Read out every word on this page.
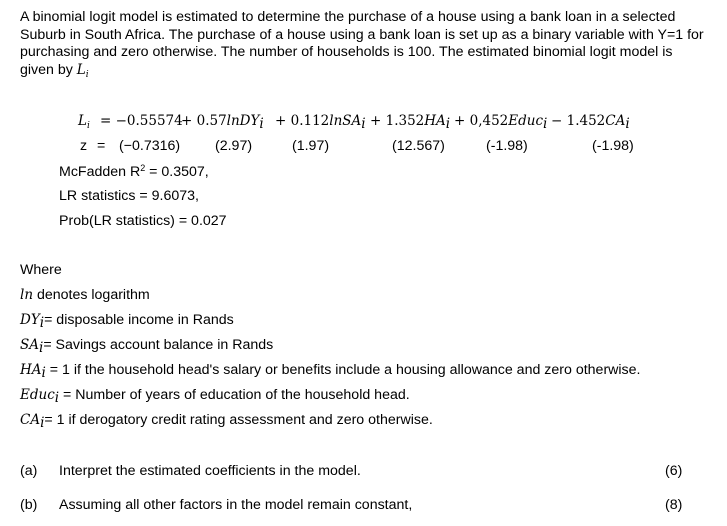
A binomial logit model is estimated to determine the purchase of a house using a bank loan in a selected Suburb in South Africa. The purchase of a house using a bank loan is set up as a binary variable with Y=1 for purchasing and zero otherwise. The number of households is 100. The estimated binomial logit model is given by $L_i$
$L_i = -0.55574$
+ 0.57lnDY$_i$ + 0.112lnSA$_i$ + $1.352HA_i$ + 0,452Educ$_i$ − $1.452CA_i$
z = (−0.7316) (2.97)	(1.97)	(12.567)	(-1.98)	(-1.98)
McFadden $R^2 = 0.3507$,
LR statistics = 9.6073,
Prob(LR statistics) = 0.027
Where
ln denotes logarithm
$DY_i=$ disposable income in Rands
$SA_i=$ Savings account balance in Rands
$HA_i = 1$ if the household head's salary or benefits include a housing allowance and zero otherwise.
Educ$_i$ = Number of years of education of the household head.
$CA_i= 1$ if derogatory credit rating assessment and zero otherwise.
(a) Interpret the estimated coefficients in the model.	(6)
(b) Assuming all other factors in the model remain constant,	(8)
